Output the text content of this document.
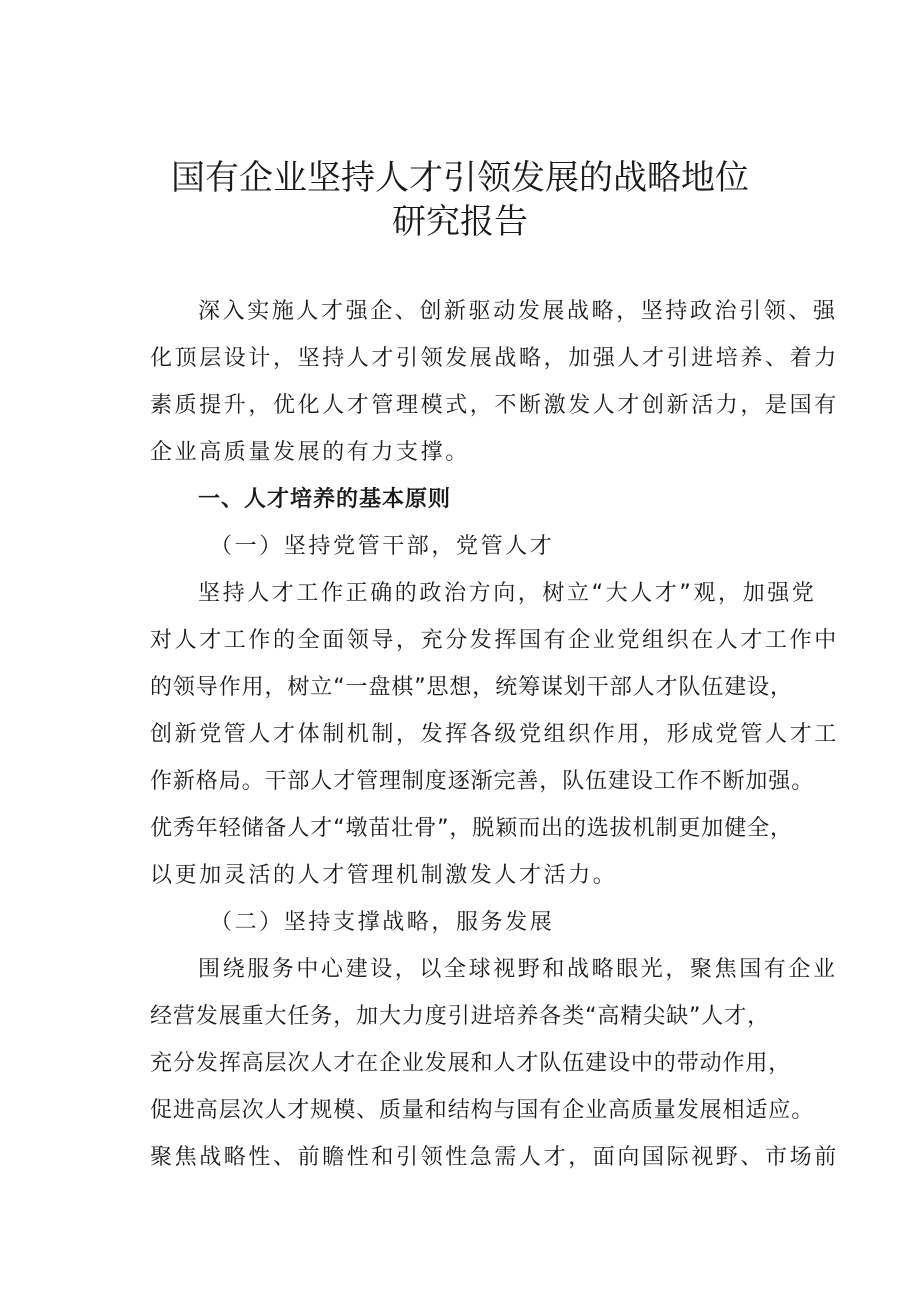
国有企业坚持人才引领发展的战略地位
研究报告
深入实施人才强企、创新驱动发展战略，坚持政治引领、强
化顶层设计，坚持人才引领发展战略，加强人才引进培养、着力
素质提升，优化人才管理模式，不断激发人才创新活力，是国有
企业高质量发展的有力支撑。
一、人才培养的基本原则
（一）坚持党管干部，党管人才
坚持人才工作正确的政治方向，树立“大人才”观，加强党
对人才工作的全面领导，充分发挥国有企业党组织在人才工作中
的领导作用，树立“一盘棋”思想，统筹谋划干部人才队伍建设，
创新党管人才体制机制，发挥各级党组织作用，形成党管人才工
作新格局。干部人才管理制度逐渐完善，队伍建设工作不断加强。
优秀年轻储备人才“墩苗壮骨”，脱颖而出的选拔机制更加健全，
以更加灵活的人才管理机制激发人才活力。
（二）坚持支撑战略，服务发展
围绕服务中心建设，以全球视野和战略眼光，聚焦国有企业
经营发展重大任务，加大力度引进培养各类“高精尖缺”人才，
充分发挥高层次人才在企业发展和人才队伍建设中的带动作用，
促进高层次人才规模、质量和结构与国有企业高质量发展相适应。
聚焦战略性、前瞻性和引领性急需人才，面向国际视野、市场前
